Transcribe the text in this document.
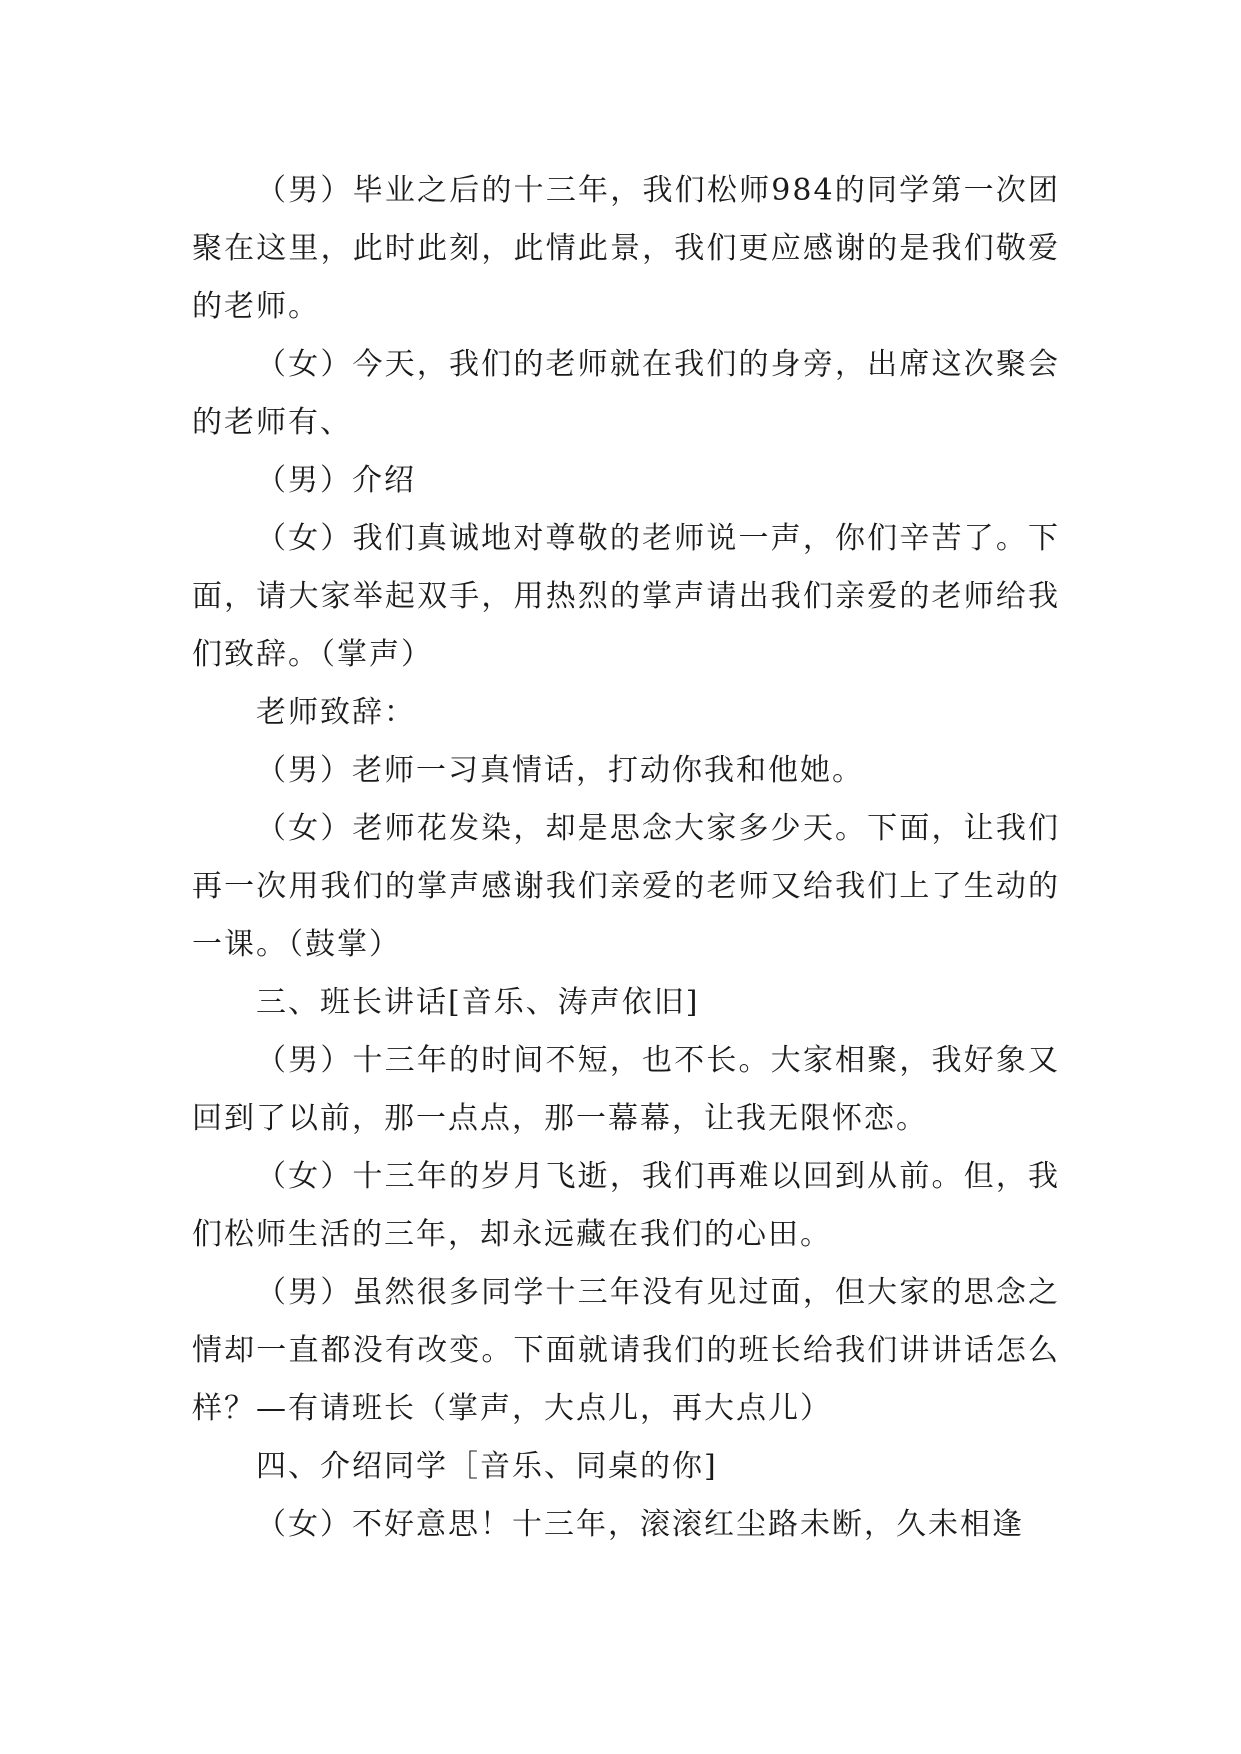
（男）毕业之后的十三年，我们松师984的同学第一次团聚在这里，此时此刻，此情此景，我们更应感谢的是我们敬爱的老师。

（女）今天，我们的老师就在我们的身旁，出席这次聚会的老师有、

（男）介绍

（女）我们真诚地对尊敬的老师说一声，你们辛苦了。下面，请大家举起双手，用热烈的掌声请出我们亲爱的老师给我们致辞。（掌声）

老师致辞：

（男）老师一习真情话，打动你我和他她。

（女）老师花发染，却是思念大家多少天。下面，让我们再一次用我们的掌声感谢我们亲爱的老师又给我们上了生动的一课。（鼓掌）

三、班长讲话[音乐、涛声依旧]

（男）十三年的时间不短，也不长。大家相聚，我好象又回到了以前，那一点点，那一幕幕，让我无限怀恋。

（女）十三年的岁月飞逝，我们再难以回到从前。但，我们松师生活的三年，却永远藏在我们的心田。

（男）虽然很多同学十三年没有见过面，但大家的思念之情却一直都没有改变。下面就请我们的班长给我们讲讲话怎么样？—有请班长（掌声，大点儿，再大点儿）

四、介绍同学［音乐、同桌的你]

（女）不好意思！十三年，滚滚红尘路未断，久未相逢
